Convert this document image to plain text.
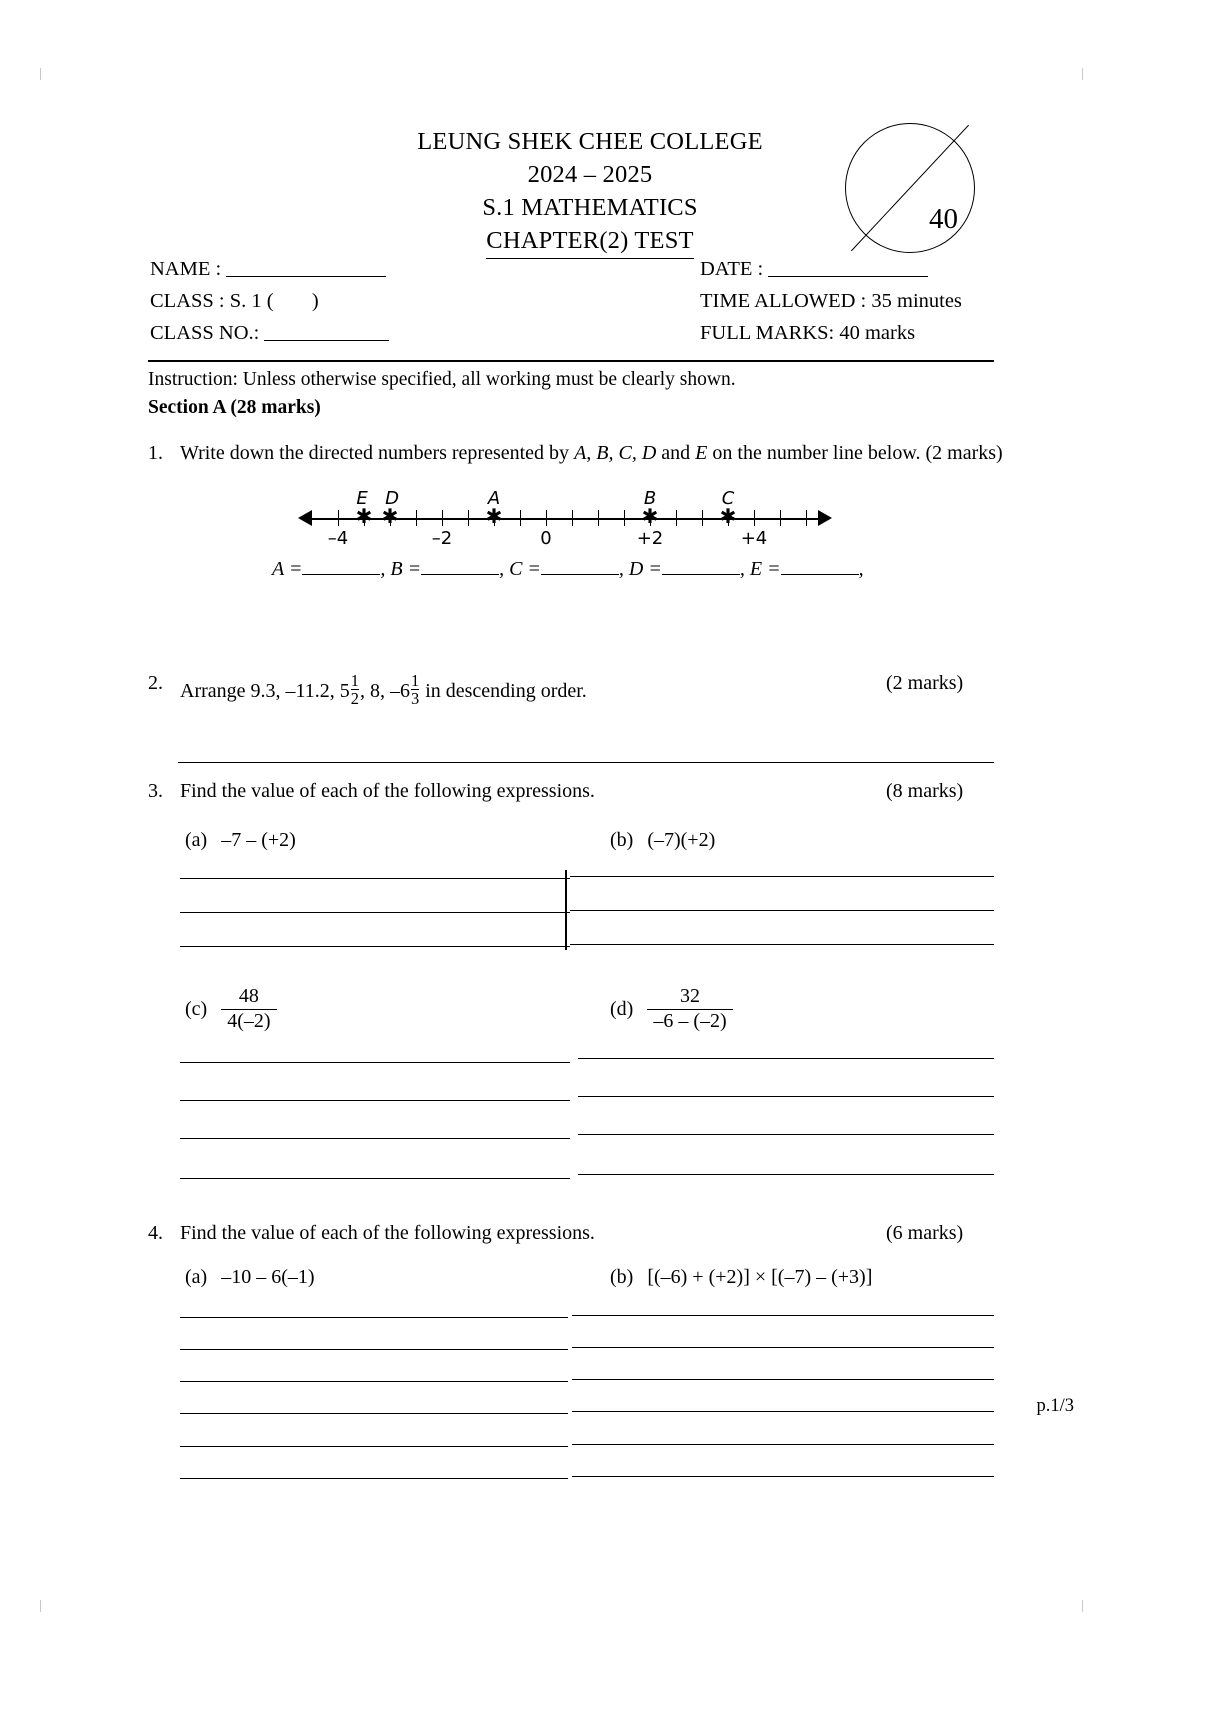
LEUNG SHEK CHEE COLLEGE
2024 – 2025
S.1 MATHEMATICS
CHAPTER(2) TEST
40
NAME :	DATE :
CLASS : S. 1 ( )	TIME ALLOWED : 35 minutes
CLASS NO.:	FULL MARKS: 40 marks
Instruction: Unless otherwise specified, all working must be clearly shown.
Section A (28 marks)
1. Write down the directed numbers represented by A, B, C, D and E on the number line below. (2 marks)
✱ ✱	✱	✱	✱
E D	A	B	C
–4	–2	0	+2	+4
A =	, B =	, C =	, D =	, E =	,
2. Arrange 9.3, –11.2, $5 \frac{1}{2}$ , 8, $-6 \frac{1}{3}$ in descending order.	(2 marks)
3. Find the value of each of the following expressions.	(8 marks)
(a) –7 – (+2)	(b) (–7)(+2)
$(c) \frac{48}{4(-2)}$	$(d) \frac{32}{-6 - (-2)}$
4. Find the value of each of the following expressions.	(6 marks)
(a) –10 – 6(–1)	(b) [(–6) + (+2)] × [(–7) – (+3)]
p.1/3
